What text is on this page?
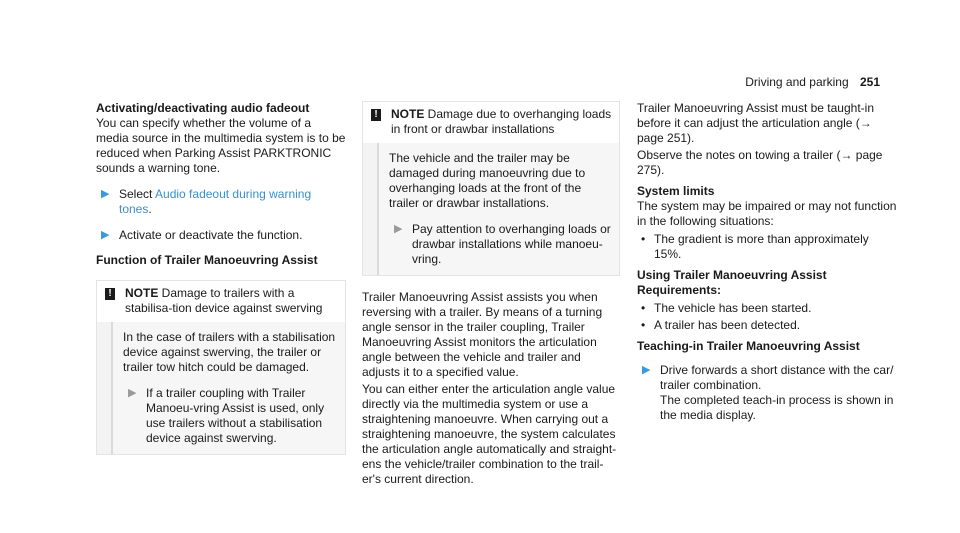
Driving and parking 251

Activating/deactivating audio fadeout

You can specify whether the volume of a media source in the multimedia system is to be reduced when Parking Assist PARKTRONIC sounds a warning tone.

▶ Select Audio fadeout during warning tones.
▶ Activate or deactivate the function.

Function of Trailer Manoeuvring Assist

! NOTE Damage to trailers with a stabilisa-tion device against swerving

In the case of trailers with a stabilisation device against swerving, the trailer or trailer tow hitch could be damaged.

▶ If a trailer coupling with Trailer Manoeu-vring Assist is used, only use trailers without a stabilisation device against swerving.
! NOTE Damage due to overhanging loads in front or drawbar installations

The vehicle and the trailer may be damaged during manoeuvring due to overhanging loads at the front of the trailer or drawbar installations.

▶ Pay attention to overhanging loads or drawbar installations while manoeu-vring.

Trailer Manoeuvring Assist assists you when reversing with a trailer. By means of a turning angle sensor in the trailer coupling, Trailer Manoeuvring Assist monitors the articulation angle between the vehicle and trailer and adjusts it to a specified value.

You can either enter the articulation angle value directly via the multimedia system or use a straightening manoeuvre. When carrying out a straightening manoeuvre, the system calculates the articulation angle automatically and straight-ens the vehicle/trailer combination to the trail-er's current direction.

Trailer Manoeuvring Assist must be taught-in before it can adjust the articulation angle (→ page 251).

Observe the notes on towing a trailer (→ page 275).

System limits

The system may be impaired or may not function in the following situations:

• The gradient is more than approximately 15%.

Using Trailer Manoeuvring Assist

Requirements:

• The vehicle has been started.
• A trailer has been detected.

Teaching-in Trailer Manoeuvring Assist

▶ Drive forwards a short distance with the car/ trailer combination.

The completed teach-in process is shown in the media display.
